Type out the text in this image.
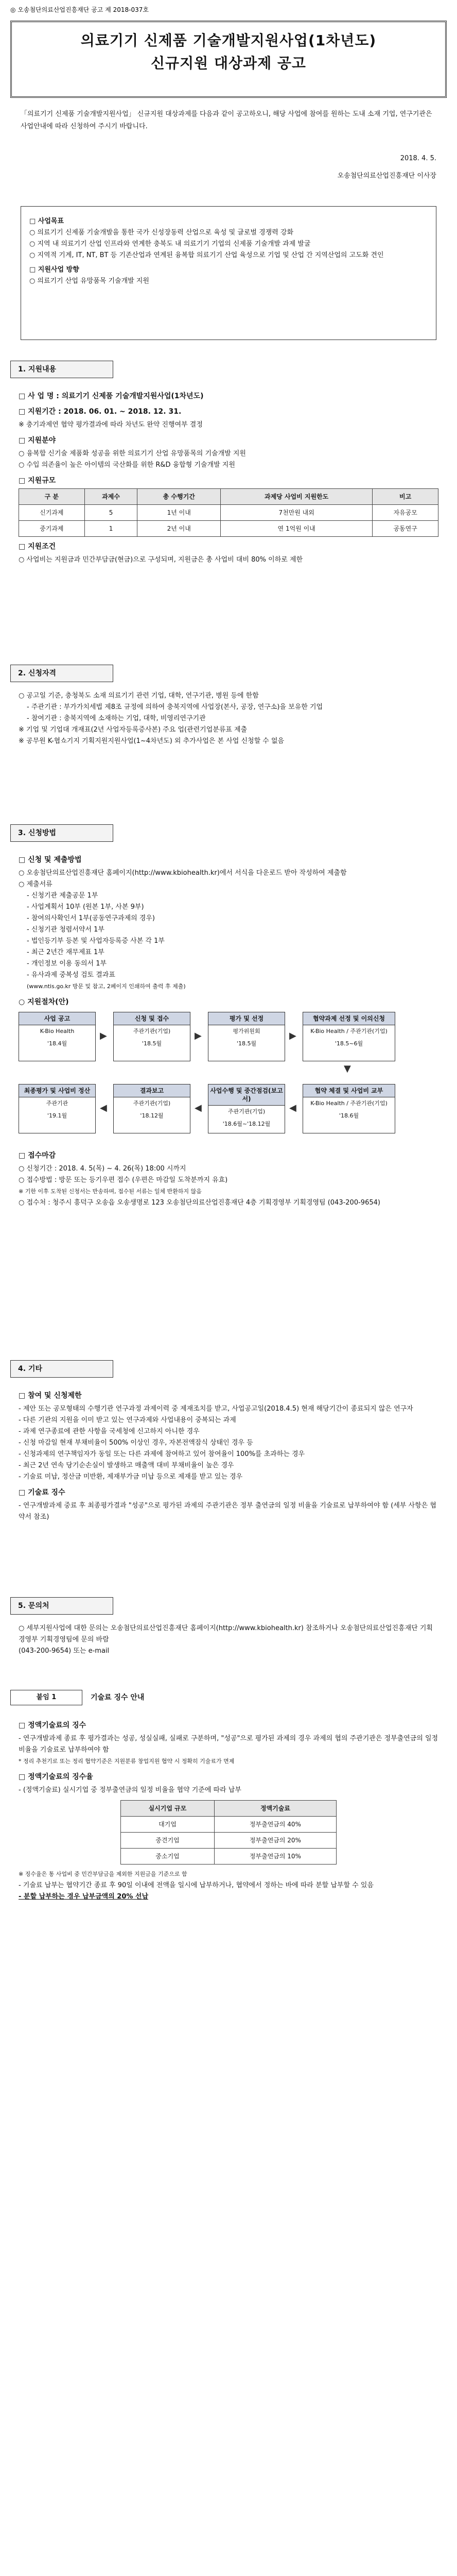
◎ 오송첨단의료산업진흥재단 공고 제 2018-037호
의료기기 신제품 기술개발지원사업(1차년도)
신규지원 대상과제 공고
「의료기기 신제품 기술개발지원사업」 신규지원 대상과제를 다음과 같이 공고하오니, 해당 사업에 참여를 원하는 도내 소재 기업, 연구기관은 사업안내에 따라 신청하여 주시기 바랍니다.
2018. 4. 5.
오송첨단의료산업진흥재단 이사장
□ 사업목표
○ 의료기기 신제품 기술개발을 통한 국가 신성장동력 산업으로 육성 및 글로벌 경쟁력 강화
○ 지역 내 의료기기 산업 인프라와 연계한 충북도 내 의료기기 기업의 신제품 기술개발 과제 발굴
○ 지역적 기계, IT, NT, BT 등 기존산업과 연계된 융복합 의료기기 산업 육성으로 기업 및 산업 간 지역산업의 고도화 견인
□ 지원사업 방향
○ 의료기기 산업 유망품목 기술개발 지원
1. 지원내용
□ 사 업 명 : 의료기기 신제품 기술개발지원사업(1차년도)
□ 지원기간 : 2018. 06. 01. ~ 2018. 12. 31.
※ 충기과제연 협약 평가결과에 따라 차년도 완약 진행여부 결정
□ 지원분야
○ 융복합 신기술 제품화 성공을 위한 의료기기 산업 유망품목의 기술개발 지원
○ 수입 의존율이 높은 아이템의 국산화를 위한 R&D 융합형 기술개발 지원
□ 지원규모
구 분	과제수	총 수행기간	과제당 사업비 지원한도	비고
신기과제	5	1년 이내	7천만원 내외	자유공모
중기과제	1	2년 이내	연 1억원 이내	공동연구
□ 지원조건
○ 사업비는 지원금과 민간부담금(현금)으로 구성되며, 지원금은 총 사업비 대비 80% 이하로 제한
2. 신청자격
○ 공고일 기준, 충청북도 소재 의료기기 관련 기업, 대학, 연구기관, 병원 등에 한함
- 주관기관 : 부가가치세법 제8조 규정에 의하여 충북지역에 사업장(본사, 공장, 연구소)을 보유한 기업
- 참여기관 : 충북지역에 소재하는 기업, 대학, 비영리연구기관
※ 기업 및 기업대 개재표(2년 사업자등록증사본) 주요 업(관련기업분류표 제출
※ 공무원 K-협쇼기지 기획지원지원사업(1~4차년도) 외 추가사업은 본 사업 신청할 수 없음
3. 신청방법
□ 신청 및 제출방법
○ 오송첨단의료산업진흥재단 홈페이지(http://www.kbiohealth.kr)에서 서식을 다운로드 받아 작성하여 제출함
○ 제출서류
- 신청기관 제출공문 1부
- 사업계획서 10부 (원본 1부, 사본 9부)
- 참여의사확인서 1부(공동연구과제의 경우)
- 신청기관 청렴서약서 1부
- 법인등기부 등본 및 사업자등록증 사본 각 1부
- 최근 2년간 재무제표 1부
- 개인정보 이용 동의서 1부
- 유사과제 중복성 검토 결과표
(www.ntis.go.kr 방문 및 참고, 2페이지 인쇄하여 출력 후 제출)
○ 지원절차(안)
사업 공고
K-Bio Health
'18.4월
▶
신청 및 접수
주관기관(기업)
'18.5월
▶
평가 및 선정
평가위원회
'18.5월
▶
협약과제 선정 및 이의신청
K-Bio Health / 주관기관(기업)
'18.5~6월
▼
최종평가 및 사업비 정산
주관기관
'19.1월
◀
결과보고
주관기관(기업)
'18.12월
◀
사업수행 및 중간점검(보고서)
주관기관(기업)
'18.6월~'18.12월
◀
협약 체결 및 사업비 교부
K-Bio Health / 주관기관(기업)
'18.6월
□ 접수마감
○ 신청기간 : 2018. 4. 5(목) ~ 4. 26(목) 18:00 시까지
○ 접수방법 : 방문 또는 등기우편 접수 (우편은 마감일 도착분까지 유효)
※ 기한 이후 도착된 신청서는 반송하며, 접수된 서류는 일체 반환하지 않음
○ 접수처 : 청주시 흥덕구 오송읍 오송생명로 123 오송첨단의료산업진흥재단 4층 기획경영부 기획경영팀 (043-200-9654)
4. 기타
□ 참여 및 신청제한
- 제안 또는 공모형태의 수행기관 연구과정 과제이력 중 제재조치를 받고, 사업공고일(2018.4.5) 현재 해당기간이 종료되지 않은 연구자
- 다른 기관의 지원을 이미 받고 있는 연구과제와 사업내용이 중복되는 과제
- 과제 연구종료에 관한 사항을 국세청에 신고하지 아니한 경우
- 신청 마감일 현재 부채비율이 500% 이상인 경우, 자본전액잠식 상태인 경우 등
- 신청과제의 연구책임자가 동일 또는 다른 과제에 참여하고 있어 참여율이 100%를 초과하는 경우
- 최근 2년 연속 당기순손실이 발생하고 매출액 대비 부채비율이 높은 경우
- 기술료 미납, 정산금 미반환, 제재부가금 미납 등으로 제재를 받고 있는 경우
□ 기술료 징수
- 연구개발과제 중료 후 최종평가결과 "성공"으로 평가된 과제의 주관기관은 정부 출연금의 일정 비율을 기술료로 납부하여야 함 (세부 사항은 협약서 참조)
5. 문의처
○ 세부지원사업에 대한 문의는 오송첨단의료산업진흥재단 홈페이지(http://www.kbiohealth.kr) 참조하거나 오송첨단의료산업진흥재단 기획경영부 기획경영팀에 문의 바람
(043-200-9654) 또는 e-mail
붙임 1	기술료 징수 안내
□ 정액기술료의 징수
- 연구개발과제 종료 후 평가결과는 성공, 성실실패, 실패로 구분하며, "성공"으로 평가된 과제의 경우 과제의 협의 주관기관은 정부출연금의 일정 비율을 기술료로 납부하여야 함
* 정리 추천기로 또는 정리 협약기준은 지원분류 창업지원 협약 시 정확히 기술료가 면제
□ 정액기술료의 징수율
- (정액기술료) 실시기업 중 정부출연금의 일정 비율을 협약 기준에 따라 납부
실시기업 규모	정액기술료
대기업	정부출연금의 40%
중견기업	정부출연금의 20%
중소기업	정부출연금의 10%
※ 징수율은 통 사업비 중 민간부담금을 제외한 지원금을 기준으로 함
- 기술료 납부는 협약기간 종료 후 90일 이내에 전액을 일시에 납부하거나, 협약에서 정하는 바에 따라 분할 납부할 수 있음
- 분할 납부하는 경우 납부금액의 20% 선납
